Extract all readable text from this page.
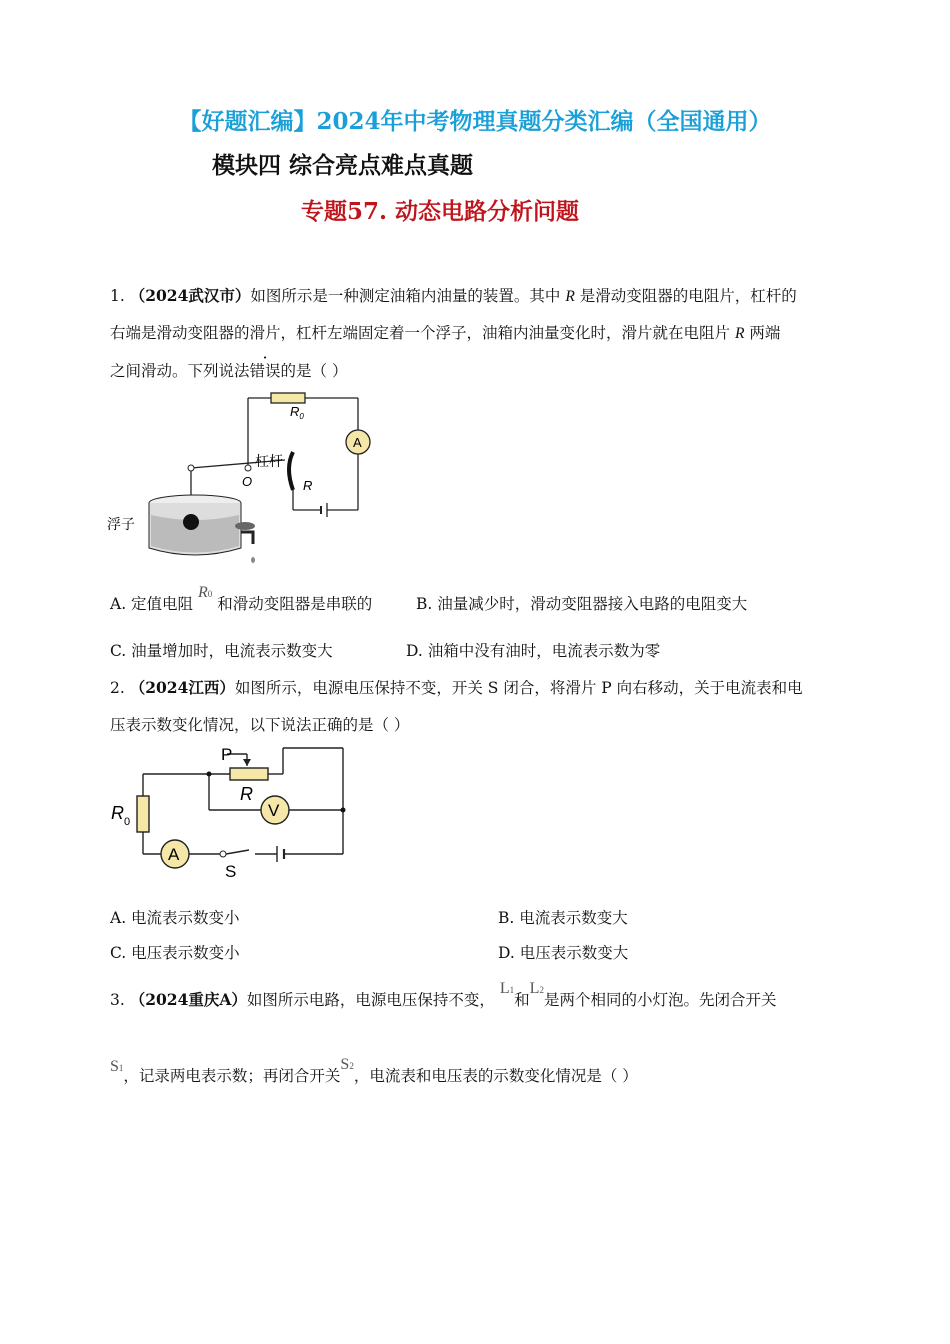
【好题汇编】2024年中考物理真题分类汇编（全国通用）
模块四 综合亮点难点真题
专题57. 动态电路分析问题
1. （2024武汉市）如图所示是一种测定油箱内油量的装置。其中 R 是滑动变阻器的电阻片，杠杆的
右端是滑动变阻器的滑片，杠杆左端固定着一个浮子，油箱内油量变化时，滑片就在电阻片 R 两端
之间滑动。下列说法错误的是（ ）
$R_0$
A
杠杆
O	R
浮子
A. 定值电阻 R0 和滑动变阻器是串联的	B. 油量减少时，滑动变阻器接入电路的电阻变大
C. 油量增加时，电流表示数变大	D. 油箱中没有油时，电流表示数为零
2. （2024江西）如图所示，电源电压保持不变，开关 S 闭合，将滑片 P 向右移动，关于电流表和电
压表示数变化情况，以下说法正确的是（ ）
P
R
$R_0$
V
A
S
A. 电流表示数变小	B. 电流表示数变大
C. 电压表示数变小	D. 电压表示数变大
3. （2024重庆A）如图所示电路，电源电压保持不变， L1和L2是两个相同的小灯泡。先闭合开关
S1，记录两电表示数；再闭合开关S2，电流表和电压表的示数变化情况是（ ）
